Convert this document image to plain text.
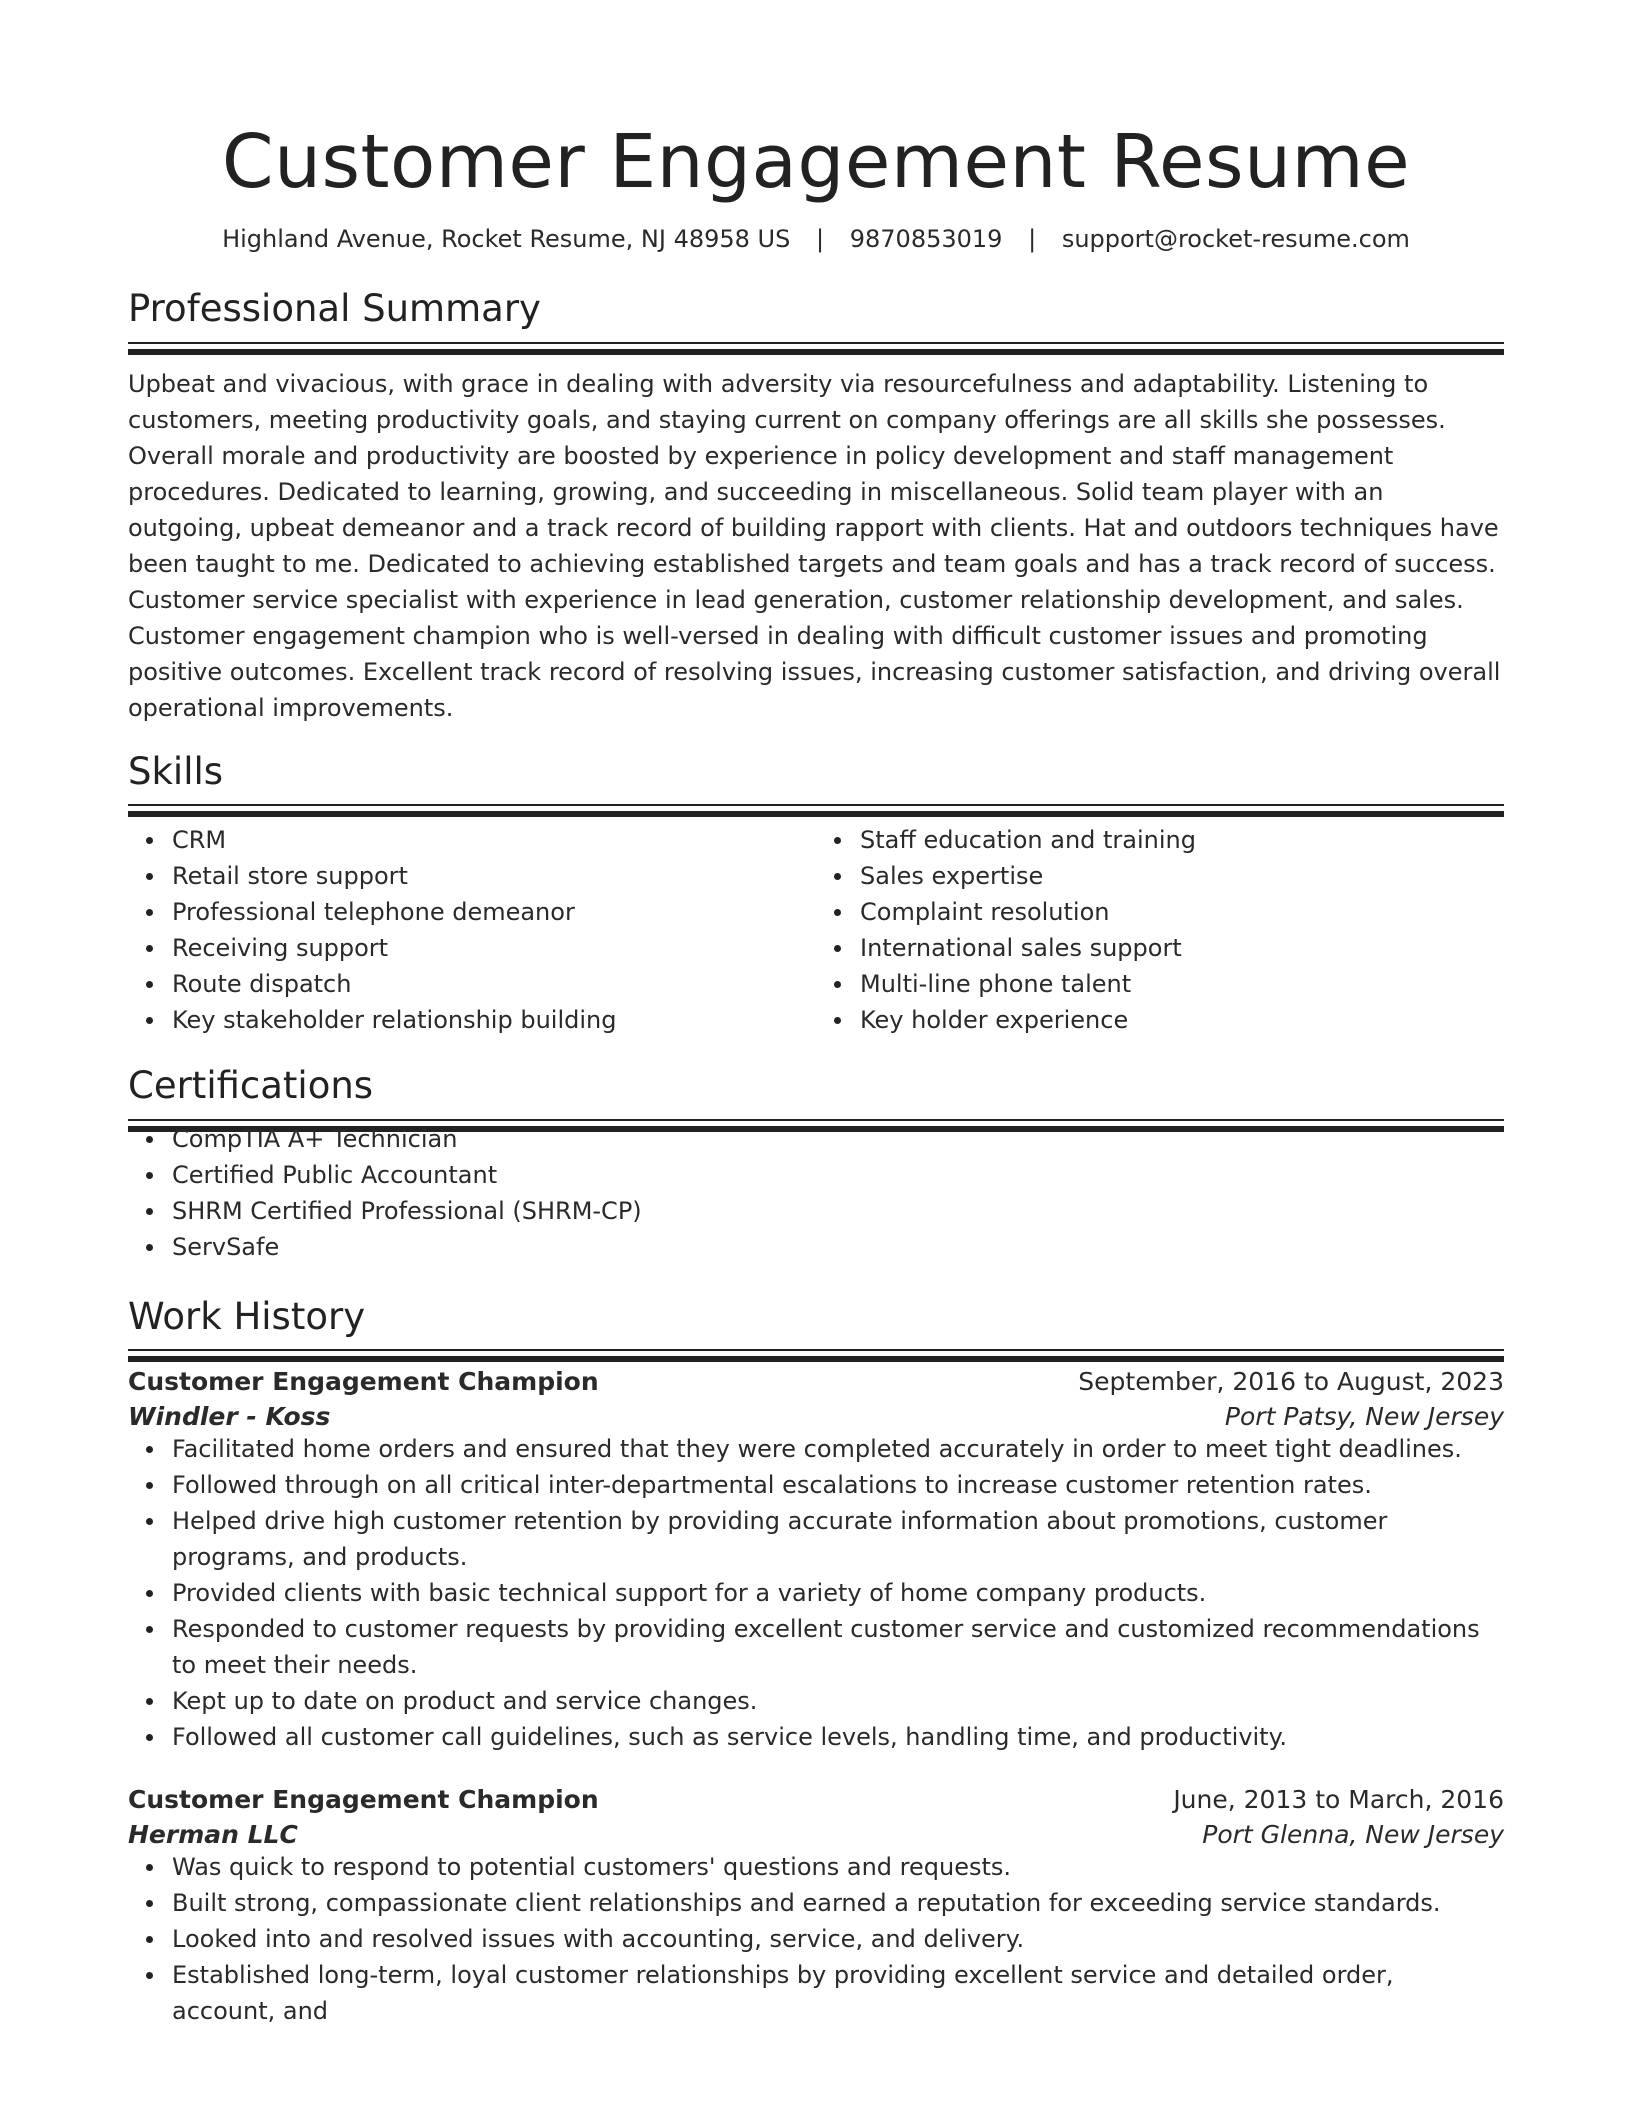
Customer Engagement Resume
Highland Avenue, Rocket Resume, NJ 48958 US | 9870853019 | support@rocket-resume.com
Professional Summary

Upbeat and vivacious, with grace in dealing with adversity via resourcefulness and adaptability. Listening to customers, meeting productivity goals, and staying current on company offerings are all skills she possesses. Overall morale and productivity are boosted by experience in policy development and staff management procedures. Dedicated to learning, growing, and succeeding in miscellaneous. Solid team player with an outgoing, upbeat demeanor and a track record of building rapport with clients. Hat and outdoors techniques have been taught to me. Dedicated to achieving established targets and team goals and has a track record of success. Customer service specialist with experience in lead generation, customer relationship development, and sales. Customer engagement champion who is well-versed in dealing with difficult customer issues and promoting positive outcomes. Excellent track record of resolving issues, increasing customer satisfaction, and driving overall operational improvements.

Skills
CRM
Retail store support
Professional telephone demeanor
Receiving support
Route dispatch
Key stakeholder relationship building
Staff education and training
Sales expertise
Complaint resolution
International sales support
Multi-line phone talent
Key holder experience
Certifications
CompTIA A+ Technician
Certified Public Accountant
SHRM Certified Professional (SHRM-CP)
ServSafe
Work History
Customer Engagement Champion	September, 2016 to August, 2023
Windler - Koss	Port Patsy, New Jersey
Facilitated home orders and ensured that they were completed accurately in order to meet tight deadlines.
Followed through on all critical inter-departmental escalations to increase customer retention rates.
Helped drive high customer retention by providing accurate information about promotions, customer programs, and products.
Provided clients with basic technical support for a variety of home company products.
Responded to customer requests by providing excellent customer service and customized recommendations to meet their needs.
Kept up to date on product and service changes.
Followed all customer call guidelines, such as service levels, handling time, and productivity.
Customer Engagement Champion	June, 2013 to March, 2016
Herman LLC	Port Glenna, New Jersey
Was quick to respond to potential customers' questions and requests.
Built strong, compassionate client relationships and earned a reputation for exceeding service standards.
Looked into and resolved issues with accounting, service, and delivery.
Established long-term, loyal customer relationships by providing excellent service and detailed order, account, and
